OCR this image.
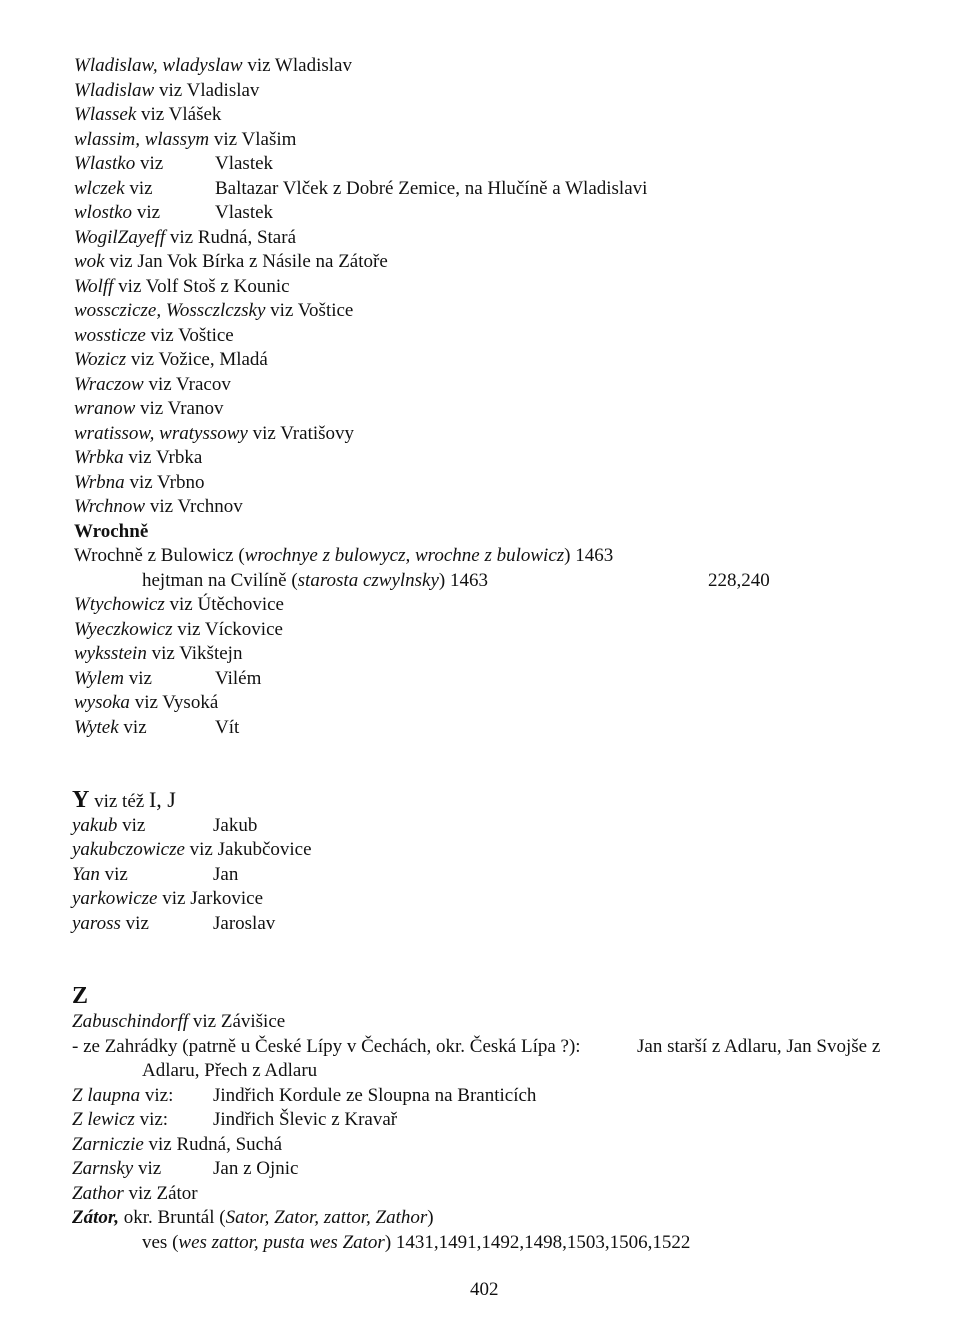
Wladislaw, wladyslaw viz Wladislav
Wladislaw viz Vladislav
Wlassek viz Vlášek
wlassim, wlassym viz Vlašim
Wlastko viz	Vlastek
wlczek viz	Baltazar Vlček z Dobré Zemice, na Hlučíně a Wladislavi
wlostko viz	Vlastek
WogilZayeff viz Rudná, Stará
wok viz Jan Vok Bírka z Násile na Zátoře
Wolff viz Volf Stoš z Kounic
wossczicze, Wossczlczsky viz Voštice
wossticze viz Voštice
Wozicz viz Vožice, Mladá
Wraczow viz Vracov
wranow viz Vranov
wratissow, wratyssowy viz Vratišovy
Wrbka viz Vrbka
Wrbna viz Vrbno
Wrchnow viz Vrchnov
Wrochně
Wrochně z Bulowicz (wrochnye z bulowycz, wrochne z bulowicz) 1463
hejtman na Cvilíně (starosta czwylnsky) 1463	228,240
Wtychowicz viz Útěchovice
Wyeczkowicz viz Víckovice
wyksstein viz Vikštejn
Wylem viz	Vilém
wysoka viz Vysoká
Wytek viz	Vít
Y viz též I, J
yakub viz	Jakub
yakubczowicze viz Jakubčovice
Yan viz	Jan
yarkowicze viz Jarkovice
yaross viz	Jaroslav
Z
Zabuschindorff viz Závišice
- ze Zahrádky (patrně u České Lípy v Čechách, okr. Česká Lípa ?):	Jan starší z Adlaru, Jan Svojše z
Adlaru, Přech z Adlaru
Z laupna viz: Jindřich Kordule ze Sloupna na Branticích
Z lewicz viz: Jindřich Šlevic z Kravař
Zarniczie viz Rudná, Suchá
Zarnsky viz	Jan z Ojnic
Zathor viz Zátor
Zátor, okr. Bruntál (Sator, Zator, zattor, Zathor)
ves (wes zattor, pusta wes Zator) 1431,1491,1492,1498,1503,1506,1522
402
